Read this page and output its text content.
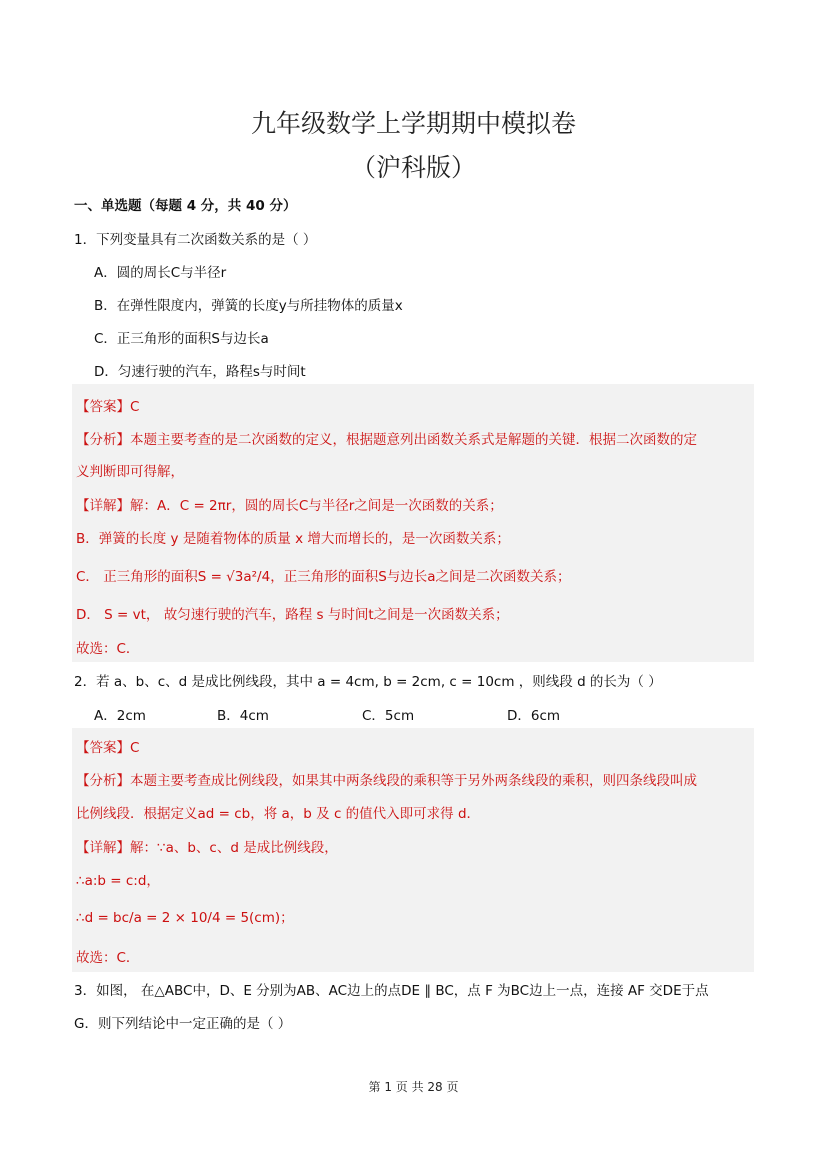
九年级数学上学期期中模拟卷
（沪科版）
一、单选题（每题 4 分，共 40 分）
1．下列变量具有二次函数关系的是（ ）
A．圆的周长C与半径r
B．在弹性限度内，弹簧的长度y与所挂物体的质量x
C．正三角形的面积S与边长a
D．匀速行驶的汽车，路程s与时间t
【答案】C
【分析】本题主要考查的是二次函数的定义，根据题意列出函数关系式是解题的关键．根据二次函数的定
义判断即可得解，
【详解】解：A．C = 2πr，圆的周长C与半径r之间是一次函数的关系；
B．弹簧的长度 y 是随着物体的质量 x 增大而增长的，是一次函数关系；
C． 正三角形的面积S = √3a²/4，正三角形的面积S与边长a之间是二次函数关系；
D． S = vt， 故匀速行驶的汽车，路程 s 与时间t之间是一次函数关系；
故选：C．
2．若 a、b、c、d 是成比例线段，其中 a = 4cm, b = 2cm, c = 10cm ，则线段 d 的长为（ ）
A．2cm	B．4cm	C．5cm	D．6cm
【答案】C
【分析】本题主要考查成比例线段，如果其中两条线段的乘积等于另外两条线段的乘积，则四条线段叫成
比例线段．根据定义ad = cb，将 a，b 及 c 的值代入即可求得 d．
【详解】解：∵a、b、c、d 是成比例线段，
∴a:b = c:d，
∴d = bc/a = 2 × 10/4 = 5(cm)；
故选：C．
3．如图， 在△ABC中，D、E 分别为AB、AC边上的点DE ∥ BC，点 F 为BC边上一点，连接 AF 交DE于点
G．则下列结论中一定正确的是（ ）
第 1 页 共 28 页
